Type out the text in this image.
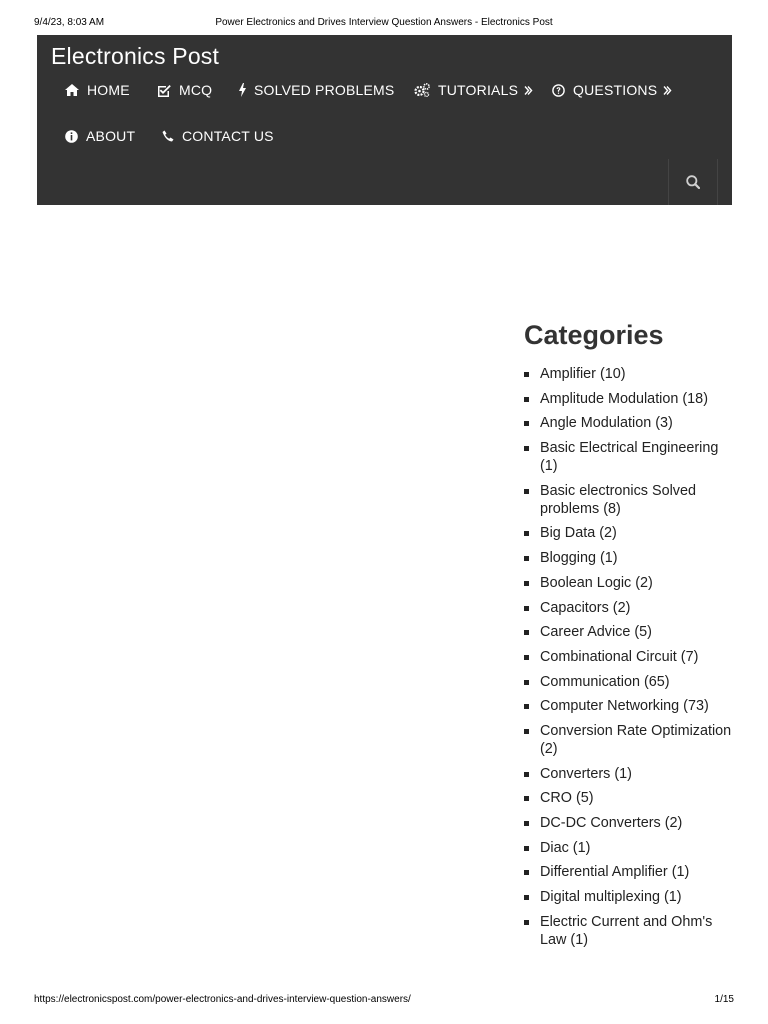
9/4/23, 8:03 AM	Power Electronics and Drives Interview Question Answers - Electronics Post
Electronics Post
HOME	MCQ	SOLVED PROBLEMS	TUTORIALS	QUESTIONS
ABOUT	CONTACT US
Categories
Amplifier (10)
Amplitude Modulation (18)
Angle Modulation (3)
Basic Electrical Engineering (1)
Basic electronics Solved problems (8)
Big Data (2)
Blogging (1)
Boolean Logic (2)
Capacitors (2)
Career Advice (5)
Combinational Circuit (7)
Communication (65)
Computer Networking (73)
Conversion Rate Optimization (2)
Converters (1)
CRO (5)
DC-DC Converters (2)
Diac (1)
Differential Amplifier (1)
Digital multiplexing (1)
Electric Current and Ohm's Law (1)
https://electronicspost.com/power-electronics-and-drives-interview-question-answers/	1/15
